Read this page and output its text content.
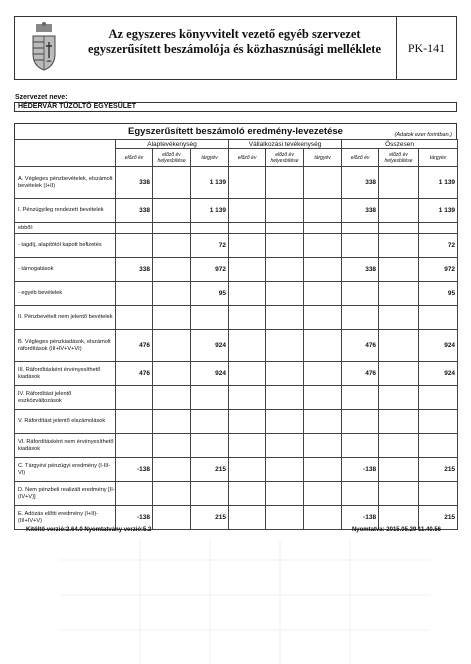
Az egyszeres könyvvitelt vezető egyéb szervezet
egyszerűsített beszámolója és közhasznúsági melléklete	PK-141
Szervezet neve:
HÉDERVÁR TŰZOLTÓ EGYESÜLET
Egyszerűsített beszámoló eredmény-levezetése	(Adatok ezer forintban.)
	Alaptevékenység			Vállalkozási tevékenység			Összesen		
	előző év	előző év helyesbítése	tárgyév	előző év	előző év helyesbítése	tárgyév	előző év	előző év helyesbítése	tárgyév
A. Végleges pénzbevételek, elszámolt bevételek (I+II)	338		1 139				338		1 139
I. Pénzügyileg rendezett bevételek	338		1 139				338		1 139
ebből:									
- tagdíj, alapítótól kapott befizetés			72						72
- támogatások	338		972				338		972
- egyéb bevételek			95						95
II. Pénzbevételt nem jelentő bevételek									
B. Végleges pénzkiadások, elszámolt ráfordítások (III+IV+V+VI)	476		924				476		924
III. Ráfordításként érvényesíthető kiadások	476		924				476		924
IV. Ráfordítást jelentő eszközváltozások									
V. Ráfordítást jelentő elszámolások									
VI. Ráfordításként nem érvényesíthető kiadások									
C. Tárgyévi pénzügyi eredmény (I-III-VI)	-138		215				-138		215
D. Nem pénzbeli realizált eredmény [II-(IV+V)]									
E. Adózás előtti eredmény (I+II)-(III+IV+V)	-138		215				-138		215
Kitöltő verzió:2.64.0 Nyomtatvány verzió:5.2	Nyomtatva: 2015.05.29 11.40.56
